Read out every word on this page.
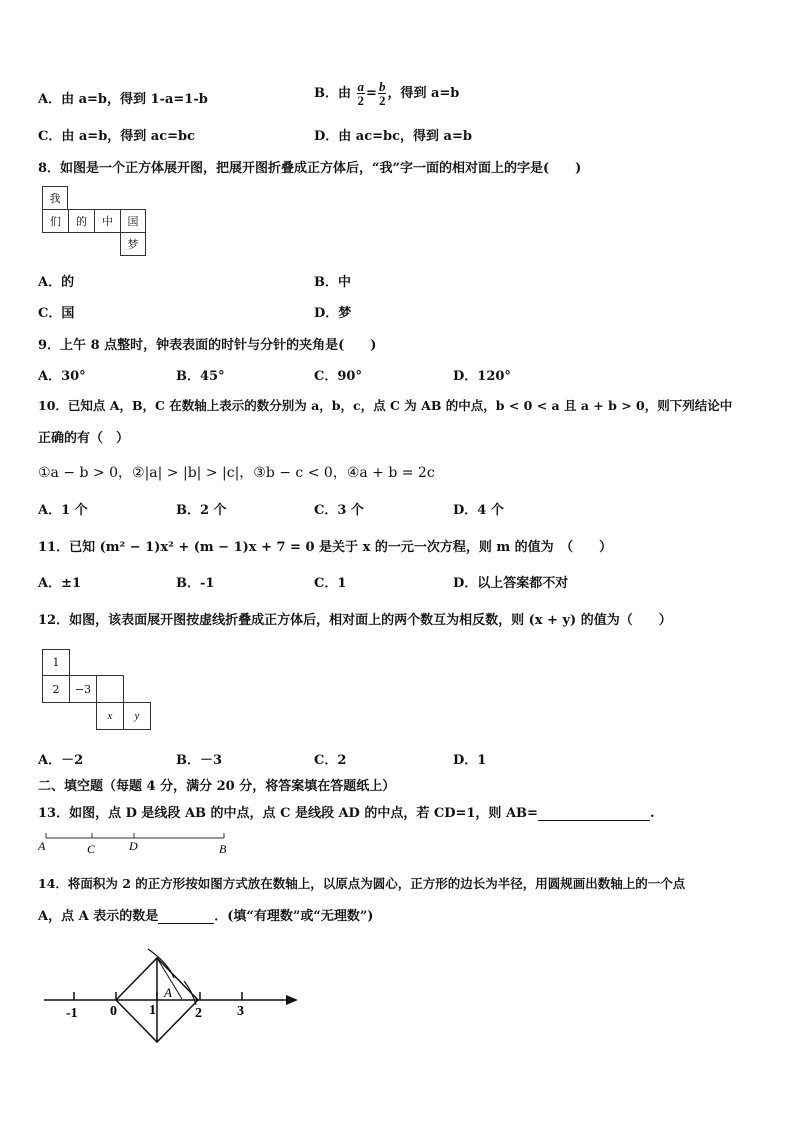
A．由 a=b，得到 1-a=1-b	B．由 $\frac{a}{2} = \frac{b}{2}$ ，得到 a=b
C．由 a=b，得到 ac=bc	D．由 ac=bc，得到 a=b
8．如图是一个正方体展开图，把展开图折叠成正方体后，“我”字一面的相对面上的字是(　　)
我
们	的	中	国
梦
A．的	B．中
C．国	D．梦
9．上午 8 点整时，钟表表面的时针与分针的夹角是(　　)
A．30°	B．45°	C．90°	D．120°
10．已知点 A，B，C 在数轴上表示的数分别为 a，b，c，点 C 为 AB 的中点，b < 0 < a 且 a + b > 0，则下列结论中
正确的有（　）
①a − b > 0，②|a| > |b| > |c|，③b − c < 0，④a + b = 2c
A．1 个	B．2 个	C．3 个	D．4 个
11．已知 (m² − 1)x² + (m − 1)x + 7 = 0 是关于 x 的一元一次方程，则 m 的值为　（　　）
A．±1	B．-1	C．1	D．以上答案都不对
12．如图，该表面展开图按虚线折叠成正方体后，相对面上的两个数互为相反数，则 (x + y) 的值为（　　）
1
2	−3
x	y
A．－2	B．－3	C．2	D．1
二、填空题（每题 4 分，满分 20 分，将答案填在答题纸上）
13．如图，点 D 是线段 AB 的中点，点 C 是线段 AD 的中点，若 CD=1，则 AB=	.
A	C	D	B
14．将面积为 2 的正方形按如图方式放在数轴上，以原点为圆心，正方形的边长为半径，用圆规画出数轴上的一个点
A，点 A 表示的数是	．(填“有理数”或“无理数”)
-1 0 1	2	3
A
